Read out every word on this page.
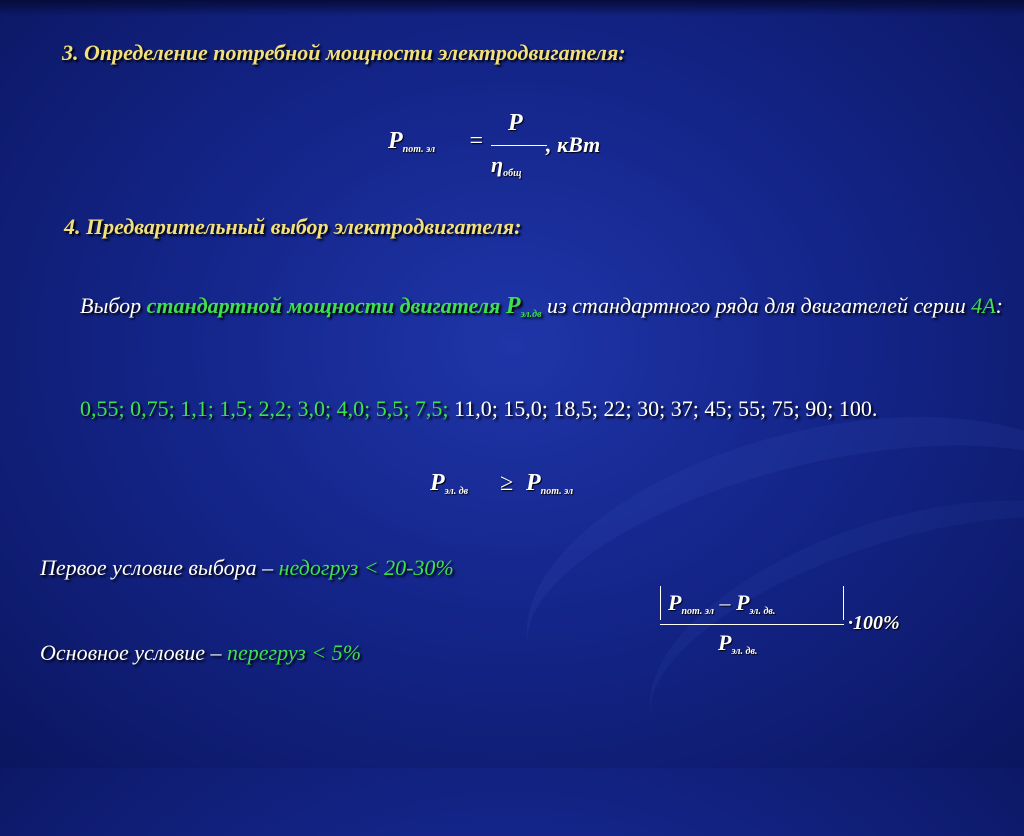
3. Определение потребной мощности электродвигателя:
$P_{пот. эл}$ =
P
$\eta_{общ}$
, кВт
4. Предварительный выбор электродвигателя:
Выбор стандартной мощности двигателя $P_{эл.дв}$ из стандартного ряда для двигателей серии 4А:
0,55; 0,75; 1,1; 1,5; 2,2; 3,0; 4,0; 5,5; 7,5; 11,0; 15,0; 18,5; 22; 30; 37; 45; 55; 75; 90; 100.
$P_{эл. дв} \ge P_{пот. эл}$
Первое условие выбора – недогруз < 20-30%
Основное условие – перегруз < 5%
$P_{пот. эл} - P_{эл. дв.}$
$P_{эл. дв.}$
·100%
